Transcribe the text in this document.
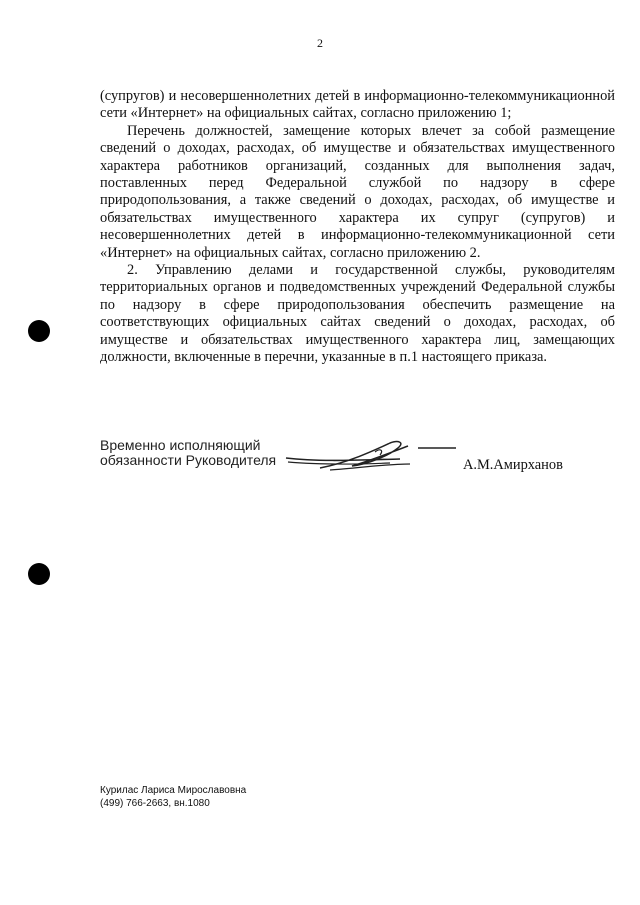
2

(супругов) и несовершеннолетних детей в информационно-телекоммуникационной сети «Интернет» на официальных сайтах, согласно приложению 1;

Перечень должностей, замещение которых влечет за собой размещение сведений о доходах, расходах, об имуществе и обязательствах имущественного характера работников организаций, созданных для выполнения задач, поставленных перед Федеральной службой по надзору в сфере природопользования, а также сведений о доходах, расходах, об имуществе и обязательствах имущественного характера их супруг (супругов) и несовершеннолетних детей в информационно-телекоммуникационной сети «Интернет» на официальных сайтах, согласно приложению 2.

2. Управлению делами и государственной службы, руководителям территориальных органов и подведомственных учреждений Федеральной службы по надзору в сфере природопользования обеспечить размещение на соответствующих официальных сайтах сведений о доходах, расходах, об имуществе и обязательствах имущественного характера лиц, замещающих должности, включенные в перечни, указанные в п.1 настоящего приказа.

Временно исполняющий
обязанности Руководителя	А.М.Амирханов
Курилас Лариса Мирославовна
(499) 766-2663, вн.1080
